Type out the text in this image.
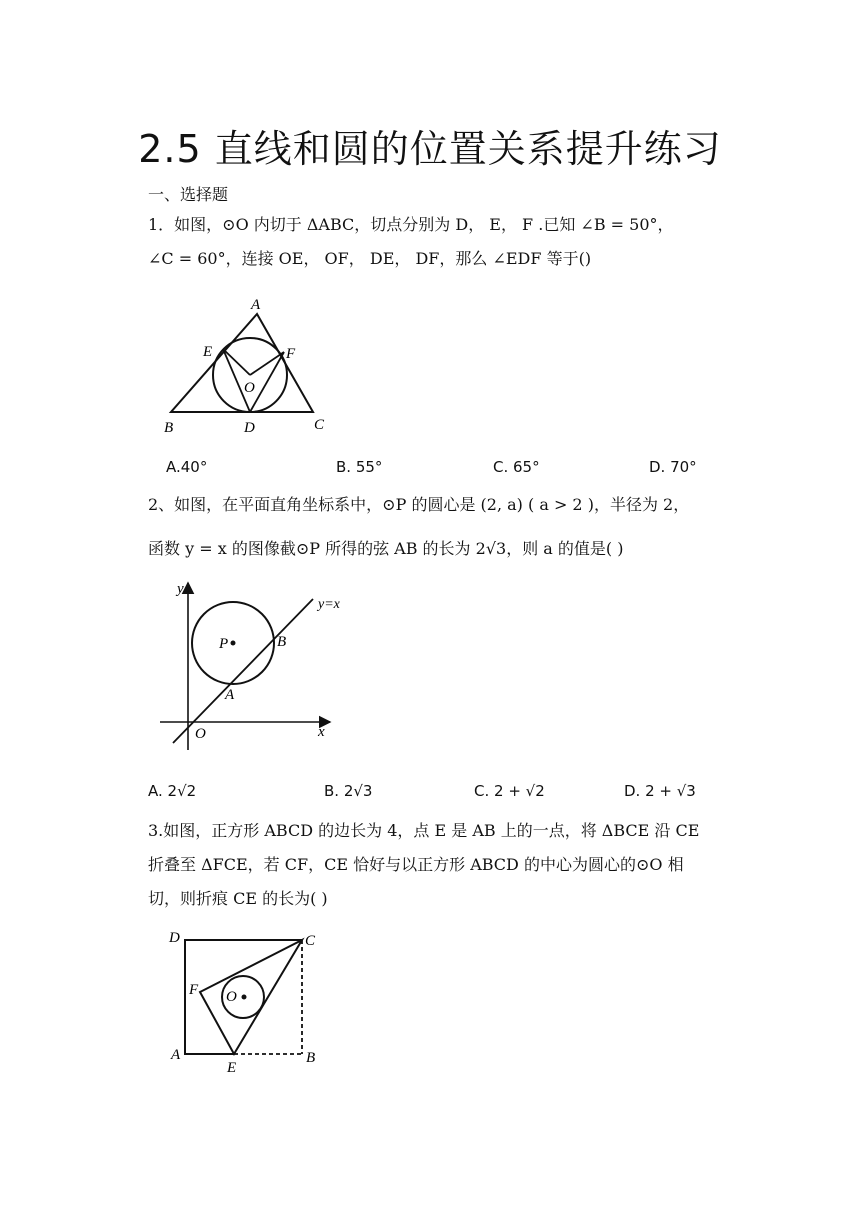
2.5 直线和圆的位置关系提升练习
一、选择题
1．如图，⊙O 内切于 ΔABC，切点分别为 D， E， F .已知 ∠B = 50°，
∠C = 60°，连接 OE， OF， DE， DF，那么 ∠EDF 等于()
A
E	F
O
B	D	C
A.40°	B. 55°	C. 65°	D. 70°
2、如图，在平面直角坐标系中，⊙P 的圆心是 (2, a) ( a > 2 )，半径为 2，
函数 y = x 的图像截⊙P 所得的弦 AB 的长为 2√3，则 a 的值是( )
y
y=x
P	B
A
O	x
A. 2√2	B. 2√3	C. 2 + √2	D. 2 + √3
3.如图，正方形 ABCD 的边长为 4，点 E 是 AB 上的一点，将 ΔBCE 沿 CE
折叠至 ΔFCE，若 CF，CE 恰好与以正方形 ABCD 的中心为圆心的⊙O 相
切，则折痕 CE 的长为( )
D	C
F O
A	B
E
